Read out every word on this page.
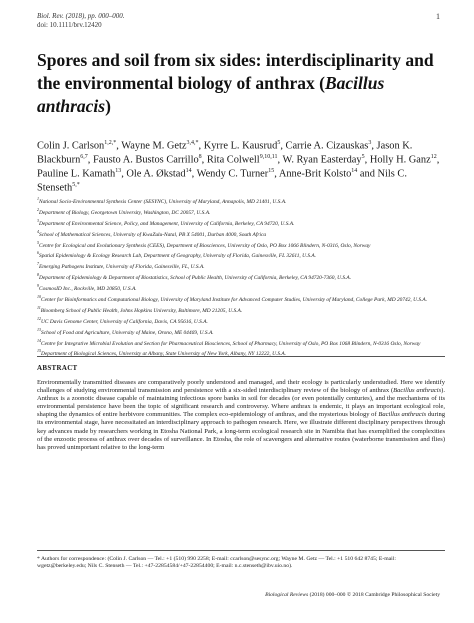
Biol. Rev. (2018), pp. 000–000.
doi: 10.1111/brv.12420
1
Spores and soil from six sides: interdisciplinarity and the environmental biology of anthrax (Bacillus anthracis)

Colin J. Carlson$^{1,2,*}$, Wayne M. Getz$^{3,4,*}$, Kyrre L. Kausrud$^5$, Carrie A. Cizauskas$^3$, Jason K. Blackburn$^{6,7}$, Fausto A. Bustos Carrillo$^8$, Rita Colwell$^{9,10,11}$, W. Ryan Easterday$^5$, Holly H. Ganz$^{12}$, Pauline L. Kamath$^{13}$, Ole A. Økstad$^{14}$, Wendy C. Turner$^{15}$, Anne-Brit Kolsto$^{14}$ and Nils C. Stenseth$^{5,*}$

$^1$National Socio-Environmental Synthesis Center (SESYNC), University of Maryland, Annapolis, MD 21401, U.S.A.
$^2$Department of Biology, Georgetown University, Washington, DC 20057, U.S.A.
$^3$Department of Environmental Science, Policy, and Management, University of California, Berkeley, CA 94720, U.S.A.
$^4$School of Mathematical Sciences, University of KwaZulu-Natal, PB X 54001, Durban 4000, South Africa
$^5$Centre for Ecological and Evolutionary Synthesis (CEES), Department of Biosciences, University of Oslo, PO Box 1066 Blindern, N-0316, Oslo, Norway
$^6$Spatial Epidemiology & Ecology Research Lab, Department of Geography, University of Florida, Gainesville, FL 32611, U.S.A.
$^7$Emerging Pathogens Institute, University of Florida, Gainesville, FL, U.S.A.
$^8$Department of Epidemiology & Department of Biostatistics, School of Public Health, University of California, Berkeley, CA 94720-7360, U.S.A.
$^9$CosmosID Inc., Rockville, MD 20850, U.S.A.
$^{10}$Center for Bioinformatics and Computational Biology, University of Maryland Institute for Advanced Computer Studies, University of Maryland, College Park, MD 20742, U.S.A.
$^{11}$Bloomberg School of Public Health, Johns Hopkins University, Baltimore, MD 21205, U.S.A.
$^{12}$UC Davis Genome Center, University of California, Davis, CA 95616, U.S.A.
$^{13}$School of Food and Agriculture, University of Maine, Orono, ME 04469, U.S.A.
$^{14}$Centre for Integrative Microbial Evolution and Section for Pharmaceutical Biosciences, School of Pharmacy, University of Oslo, PO Box 1068 Blindern, N-0316 Oslo, Norway
$^{15}$Department of Biological Sciences, University at Albany, State University of New York, Albany, NY 12222, U.S.A.
ABSTRACT

Environmentally transmitted diseases are comparatively poorly understood and managed, and their ecology is particularly understudied. Here we identify challenges of studying environmental transmission and persistence with a six-sided interdisciplinary review of the biology of anthrax (Bacillus anthracis). Anthrax is a zoonotic disease capable of maintaining infectious spore banks in soil for decades (or even potentially centuries), and the mechanisms of its environmental persistence have been the topic of significant research and controversy. Where anthrax is endemic, it plays an important ecological role, shaping the dynamics of entire herbivore communities. The complex eco-epidemiology of anthrax, and the mysterious biology of Bacillus anthracis during its environmental stage, have necessitated an interdisciplinary approach to pathogen research. Here, we illustrate different disciplinary perspectives through key advances made by researchers working in Etosha National Park, a long-term ecological research site in Namibia that has exemplified the complexities of the enzootic process of anthrax over decades of surveillance. In Etosha, the role of scavengers and alternative routes (waterborne transmission and flies) has proved unimportant relative to the long-term

* Authors for correspondence: (Colin J. Carlson — Tel.: +1 (510) 990 2258; E-mail: ccarlson@sesync.org; Wayne M. Getz — Tel.: +1 510 642 8745; E-mail: wgetz@berkeley.edu; Nils C. Stenseth — Tel.: +47-22854584/+47-22854400; E-mail: n.c.stenseth@ibv.uio.no).
Biological Reviews (2018) 000–000 © 2018 Cambridge Philosophical Society
